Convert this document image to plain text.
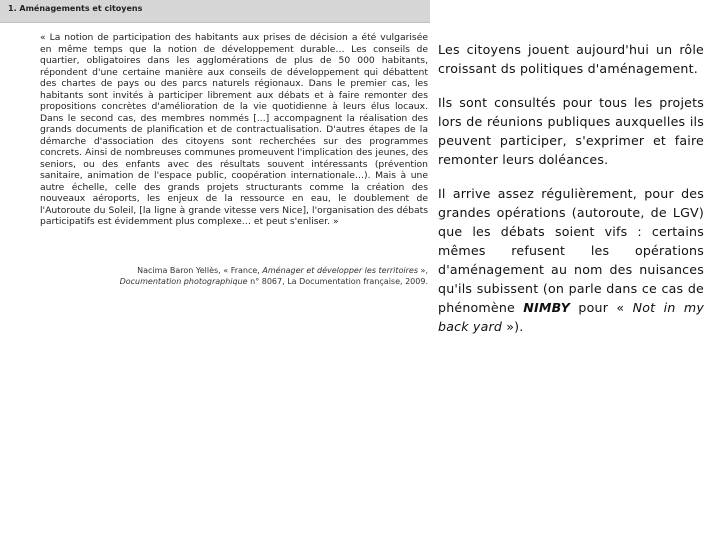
1. Aménagements et citoyens

« La notion de participation des habitants aux prises de décision a été vulgarisée en même temps que la notion de développement durable… Les conseils de quartier, obligatoires dans les agglomérations de plus de 50 000 habitants, répondent d'une certaine manière aux conseils de développement qui débattent des chartes de pays ou des parcs naturels régionaux. Dans le premier cas, les habitants sont invités à participer librement aux débats et à faire remonter des propositions concrètes d'amélioration de la vie quotidienne à leurs élus locaux. Dans le second cas, des membres nommés [...] accompagnent la réalisation des grands documents de planification et de contractualisation. D'autres étapes de la démarche d'association des citoyens sont recherchées sur des programmes concrets. Ainsi de nombreuses communes promeuvent l'implication des jeunes, des seniors, ou des enfants avec des résultats souvent intéressants (prévention sanitaire, animation de l'espace public, coopération internationale…). Mais à une autre échelle, celle des grands projets structurants comme la création des nouveaux aéroports, les enjeux de la ressource en eau, le doublement de l'Autoroute du Soleil, [la ligne à grande vitesse vers Nice], l'organisation des débats participatifs est évidemment plus complexe… et peut s'enliser. »

Nacima Baron Yellès, « France, Aménager et développer les territoires », Documentation photographique n° 8067, La Documentation française, 2009.

Les citoyens jouent aujourd'hui un rôle croissant ds politiques d'aménagement.

Ils sont consultés pour tous les projets lors de réunions publiques auxquelles ils peuvent participer, s'exprimer et faire remonter leurs doléances.

Il arrive assez régulièrement, pour des grandes opérations (autoroute, de LGV) que les débats soient vifs : certains mêmes refusent les opérations d'aménagement au nom des nuisances qu'ils subissent (on parle dans ce cas de phénomène NIMBY pour « Not in my back yard »).
